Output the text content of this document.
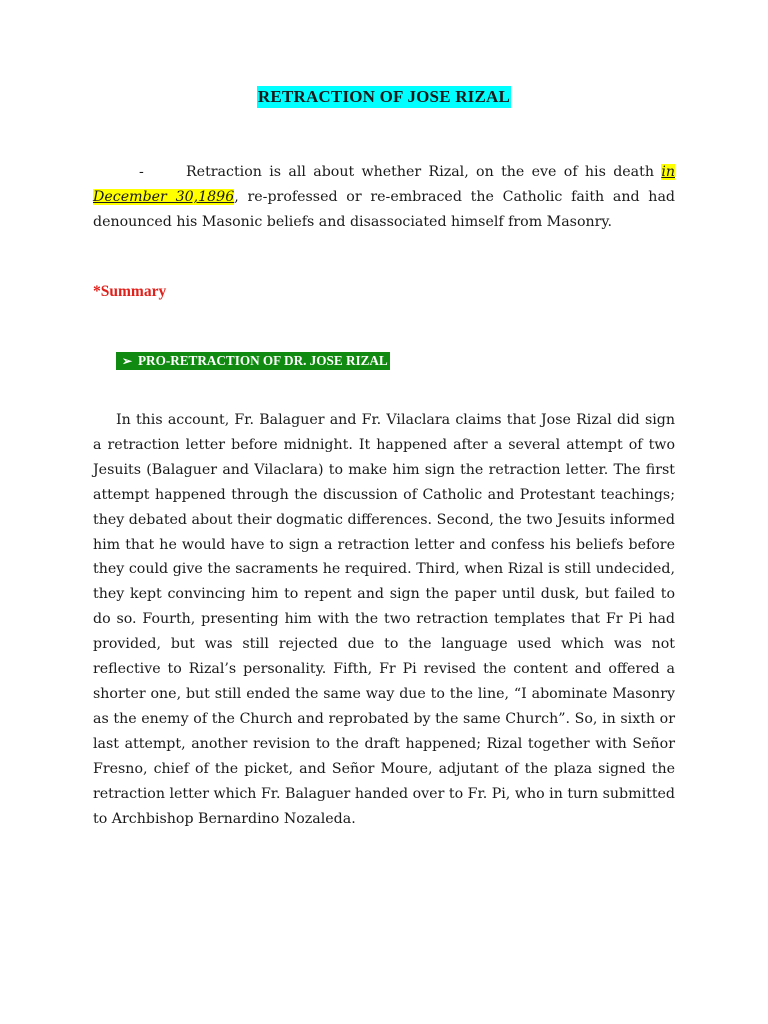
RETRACTION OF JOSE RIZAL
-	Retraction is all about whether Rizal, on the eve of his death in December 30,1896, re-professed or re-embraced the Catholic faith and had denounced his Masonic beliefs and disassociated himself from Masonry.
*Summary
➢ PRO-RETRACTION OF DR. JOSE RIZAL
In this account, Fr. Balaguer and Fr. Vilaclara claims that Jose Rizal did sign a retraction letter before midnight. It happened after a several attempt of two Jesuits (Balaguer and Vilaclara) to make him sign the retraction letter. The first attempt happened through the discussion of Catholic and Protestant teachings; they debated about their dogmatic differences. Second, the two Jesuits informed him that he would have to sign a retraction letter and confess his beliefs before they could give the sacraments he required. Third, when Rizal is still undecided, they kept convincing him to repent and sign the paper until dusk, but failed to do so. Fourth, presenting him with the two retraction templates that Fr Pi had provided, but was still rejected due to the language used which was not reflective to Rizal’s personality. Fifth, Fr Pi revised the content and offered a shorter one, but still ended the same way due to the line, “I abominate Masonry as the enemy of the Church and reprobated by the same Church”. So, in sixth or last attempt, another revision to the draft happened; Rizal together with Señor Fresno, chief of the picket, and Señor Moure, adjutant of the plaza signed the retraction letter which Fr. Balaguer handed over to Fr. Pi, who in turn submitted to Archbishop Bernardino Nozaleda.
